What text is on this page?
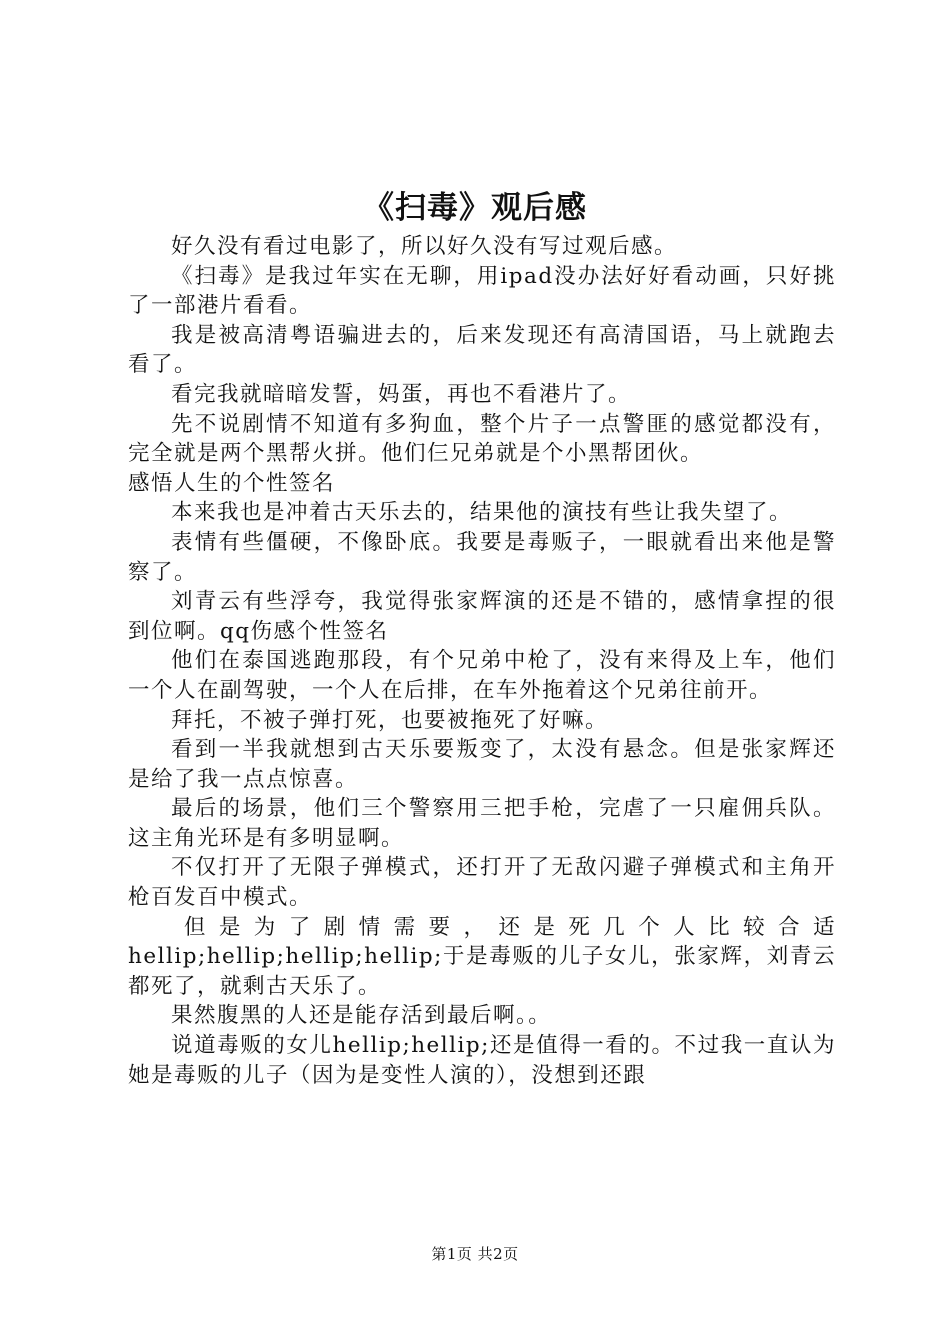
《扫毒》观后感

好久没有看过电影了，所以好久没有写过观后感。

《扫毒》是我过年实在无聊，用ipad没办法好好看动画，只好挑了一部港片看看。

我是被高清粤语骗进去的，后来发现还有高清国语，马上就跑去看了。

看完我就暗暗发誓，妈蛋，再也不看港片了。

先不说剧情不知道有多狗血，整个片子一点警匪的感觉都没有，完全就是两个黑帮火拼。他们仨兄弟就是个小黑帮团伙。

感悟人生的个性签名

本来我也是冲着古天乐去的，结果他的演技有些让我失望了。

表情有些僵硬，不像卧底。我要是毒贩子，一眼就看出来他是警察了。

刘青云有些浮夸，我觉得张家辉演的还是不错的，感情拿捏的很到位啊。qq伤感个性签名

他们在泰国逃跑那段，有个兄弟中枪了，没有来得及上车，他们一个人在副驾驶，一个人在后排，在车外拖着这个兄弟往前开。

拜托，不被子弹打死，也要被拖死了好嘛。

看到一半我就想到古天乐要叛变了，太没有悬念。但是张家辉还是给了我一点点惊喜。

最后的场景，他们三个警察用三把手枪，完虐了一只雇佣兵队。这主角光环是有多明显啊。

不仅打开了无限子弹模式，还打开了无敌闪避子弹模式和主角开枪百发百中模式。

但是为了剧情需要，还是死几个人比较合适hellip;hellip;hellip;hellip;于是毒贩的儿子女儿，张家辉，刘青云都死了，就剩古天乐了。

果然腹黑的人还是能存活到最后啊。。

说道毒贩的女儿hellip;hellip;还是值得一看的。不过我一直认为她是毒贩的儿子（因为是变性人演的），没想到还跟

第1页 共2页
